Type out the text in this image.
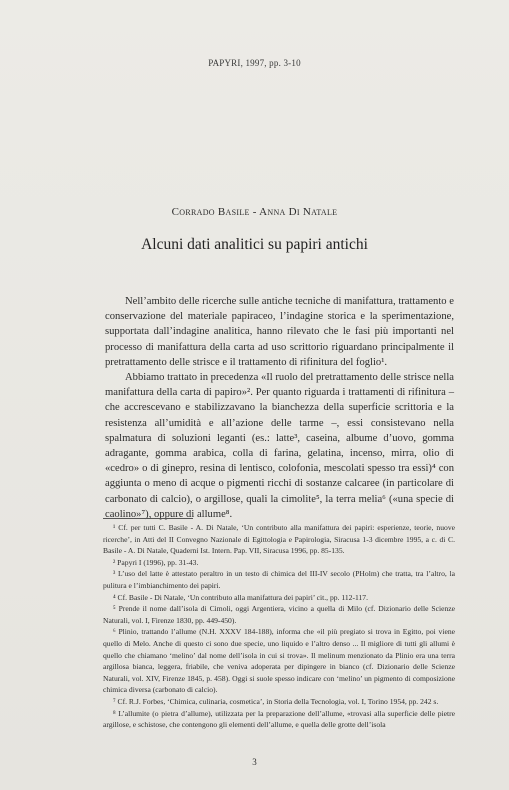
PAPYRI, 1997, pp. 3-10
Corrado Basile - Anna Di Natale
Alcuni dati analitici su papiri antichi

Nell’ambito delle ricerche sulle antiche tecniche di manifattura, trattamento e conservazione del materiale papiraceo, l’indagine storica e la sperimentazione, supportata dall’indagine analitica, hanno rilevato che le fasi più importanti nel processo di manifattura della carta ad uso scrittorio riguardano principalmente il pretrattamento delle strisce e il trattamento di rifinitura del foglio¹.

Abbiamo trattato in precedenza «Il ruolo del pretrattamento delle strisce nella manifattura della carta di papiro»². Per quanto riguarda i trattamenti di rifinitura – che accrescevano e stabilizzavano la bianchezza della superficie scrittoria e la resistenza all’umidità e all’azione delle tarme –, essi consistevano nella spalmatura di soluzioni leganti (es.: latte³, caseina, albume d’uovo, gomma adragante, gomma arabica, colla di farina, gelatina, incenso, mirra, olio di «cedro» o di ginepro, resina di lentisco, colofonia, mescolati spesso tra essi)⁴ con aggiunta o meno di acque o pigmenti ricchi di sostanze calcaree (in particolare di carbonato di calcio), o argillose, quali la cimolite⁵, la terra melia⁶ («una specie di caolino»⁷), oppure di allume⁸.

¹ Cf. per tutti C. Basile - A. Di Natale, ‘Un contributo alla manifattura dei papiri: esperienze, teorie, nuove ricerche’, in Atti del II Convegno Nazionale di Egittologia e Papirologia, Siracusa 1-3 dicembre 1995, a c. di C. Basile - A. Di Natale, Quaderni Ist. Intern. Pap. VII, Siracusa 1996, pp. 85-135.

² Papyri I (1996), pp. 31-43.

³ L’uso del latte è attestato peraltro in un testo di chimica del III-IV secolo (PHolm) che tratta, tra l’altro, la pulitura e l’imbianchimento dei papiri.

⁴ Cf. Basile - Di Natale, ‘Un contributo alla manifattura dei papiri’ cit., pp. 112-117.

⁵ Prende il nome dall’isola di Cimoli, oggi Argentiera, vicino a quella di Milo (cf. Dizionario delle Scienze Naturali, vol. I, Firenze 1830, pp. 449-450).

⁶ Plinio, trattando l’allume (N.H. XXXV 184-188), informa che «il più pregiato si trova in Egitto, poi viene quello di Melo. Anche di questo ci sono due specie, uno liquido e l’altro denso ... Il migliore di tutti gli allumi è quello che chiamano ‘melino’ dal nome dell’isola in cui si trova». Il melinum menzionato da Plinio era una terra argillosa bianca, leggera, friabile, che veniva adoperata per dipingere in bianco (cf. Dizionario delle Scienze Naturali, vol. XIV, Firenze 1845, p. 458). Oggi si suole spesso indicare con ‘melino’ un pigmento di composizione chimica diversa (carbonato di calcio).

⁷ Cf. R.J. Forbes, ‘Chimica, culinaria, cosmetica’, in Storia della Tecnologia, vol. I, Torino 1954, pp. 242 s.

⁸ L’allumite (o pietra d’allume), utilizzata per la preparazione dell’allume, «trovasi alla superficie delle pietre argillose, e schistose, che contengono gli elementi dell’allume, e quella delle grotte dell’isola

3
